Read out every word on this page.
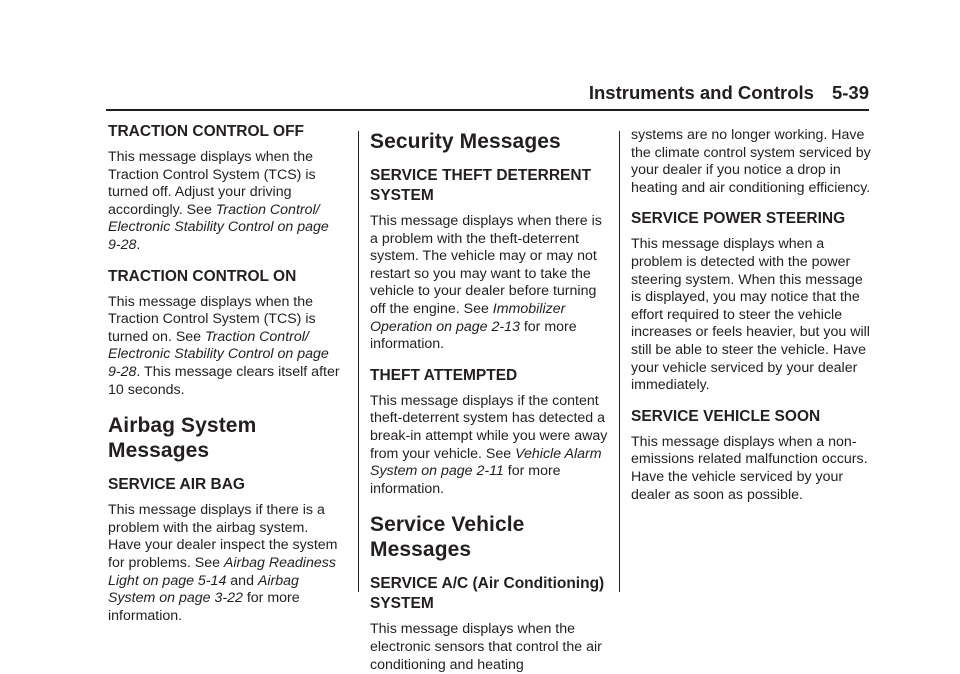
Instruments and Controls 5-39
TRACTION CONTROL OFF

This message displays when the Traction Control System (TCS) is turned off. Adjust your driving accordingly. See Traction Control/ Electronic Stability Control on page 9-28.

TRACTION CONTROL ON

This message displays when the Traction Control System (TCS) is turned on. See Traction Control/ Electronic Stability Control on page 9-28. This message clears itself after 10 seconds.

Airbag System Messages
SERVICE AIR BAG

This message displays if there is a problem with the airbag system. Have your dealer inspect the system for problems. See Airbag Readiness Light on page 5-14 and Airbag System on page 3-22 for more information.

Security Messages
SERVICE THEFT DETERRENT SYSTEM

This message displays when there is a problem with the theft-deterrent system. The vehicle may or may not restart so you may want to take the vehicle to your dealer before turning off the engine. See Immobilizer Operation on page 2-13 for more information.

THEFT ATTEMPTED

This message displays if the content theft-deterrent system has detected a break-in attempt while you were away from your vehicle. See Vehicle Alarm System on page 2-11 for more information.

Service Vehicle Messages
SERVICE A/C (Air Conditioning) SYSTEM

This message displays when the electronic sensors that control the air conditioning and heating

systems are no longer working. Have the climate control system serviced by your dealer if you notice a drop in heating and air conditioning efficiency.

SERVICE POWER STEERING

This message displays when a problem is detected with the power steering system. When this message is displayed, you may notice that the effort required to steer the vehicle increases or feels heavier, but you will still be able to steer the vehicle. Have your vehicle serviced by your dealer immediately.

SERVICE VEHICLE SOON

This message displays when a non-emissions related malfunction occurs. Have the vehicle serviced by your dealer as soon as possible.
